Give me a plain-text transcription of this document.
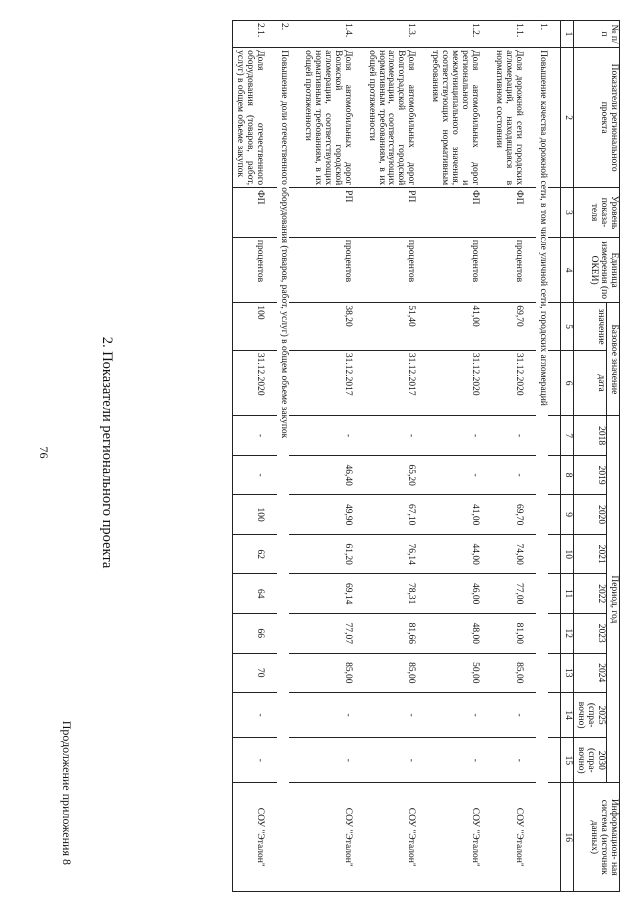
76
Продолжение приложения 8
2. Показатели регионального проекта
№ п/п	Показатели регионального проекта	Уровень показа- теля	Единица измерения (по ОКЕИ)	Базовое значение		Период, год									Информацион- ная система (источник данных)
				значение	дата	2018	2019	2020	2021	2022	2023	2024	2025 (спра- вочно)	2030 (спра- вочно)	
1	2	3	4	5	6	7	8	9	10	11	12	13	14	15	16

1.	Повышение качества дорожной сети, в том числе уличной сети, городских агломераций														

1.1.	Доля дорожной сети городских агломераций, находящаяся в нормативном состоянии	ФП	процентов	69,70	31.12.2020	-	-	69,70	74,00	77,00	81,00	85,00	-	-	СОУ "Эталон"

1.2.	Доля автомобильных дорог регионального и межмуниципального значения, соответствующих нормативным требованиям	ФП	процентов	41,00	31.12.2020	-	-	41,00	44,00	46,00	48,00	50,00	-	-	СОУ "Эталон"

1.3.	Доля автомобильных дорог Волгоградской городской агломерации, соответствующих нормативным требованиям, в их общей протяженности	РП	процентов	51,40	31.12.2017	-	65,20	67,10	76,14	78,31	81,66	85,00	-	-	СОУ "Эталон"

1.4.	Доля автомобильных дорог Волжской городской агломерации, соответствующих нормативным требованиям, в их общей протяженности	РП	процентов	38,20	31.12.2017	-	46,40	49,90	61,20	69,14	77,07	85,00	-	-	СОУ "Эталон"

2.	Повышение доли отечественного оборудования (товаров, работ, услуг) в общем объеме закупок														

2.1.	Доля отечественного оборудования (товаров, работ, услуг) в общем объеме закупок	ФП	процентов	100	31.12.2020	-	-	100	62	64	66	70	-	-	СОУ "Эталон"
